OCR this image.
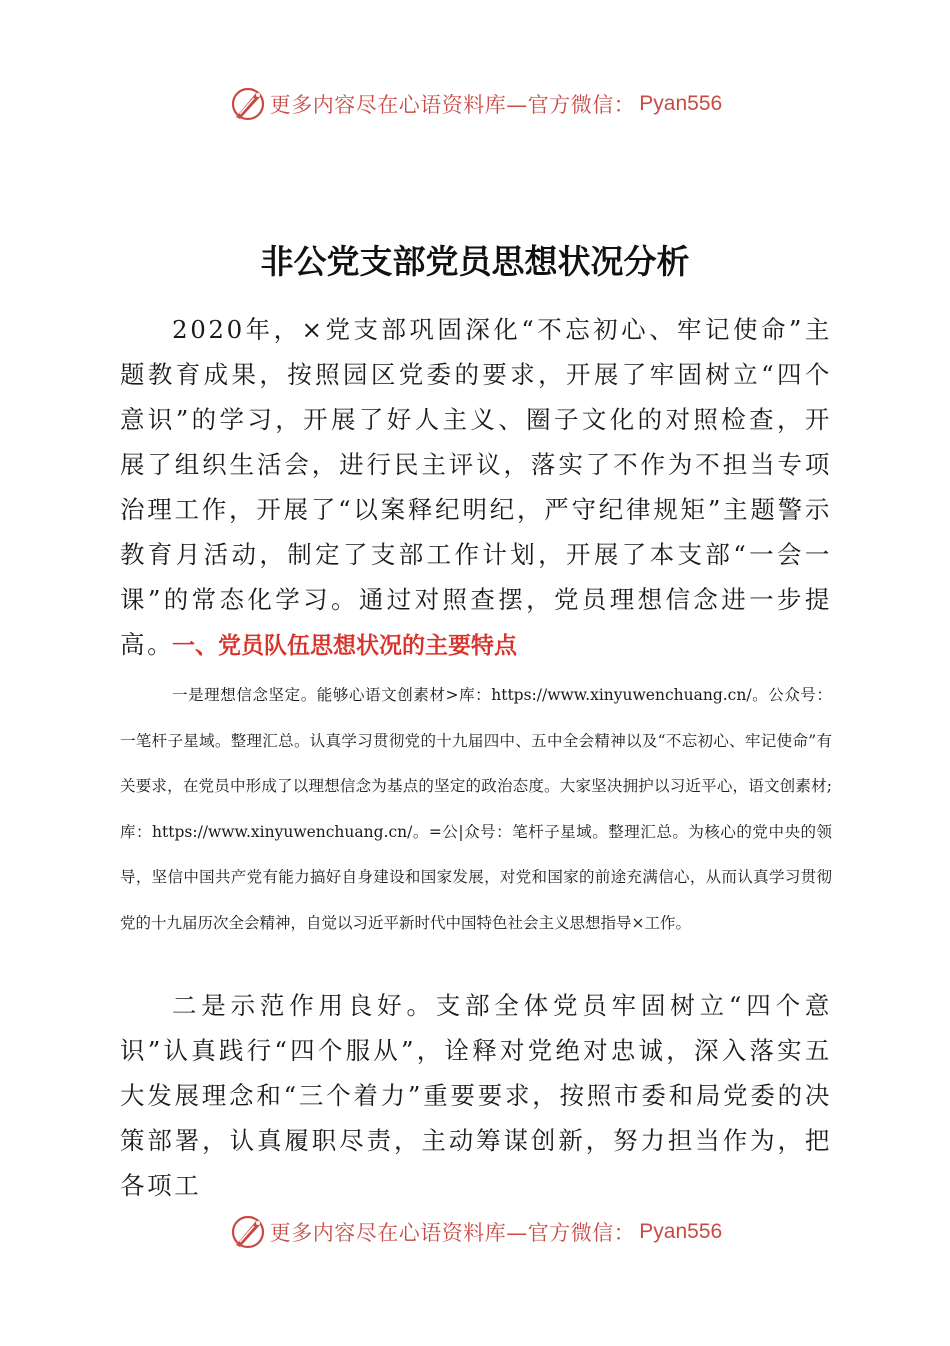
更多内容尽在心语资料库—官方微信： Pyan556
非公党支部党员思想状况分析

2020年，×党支部巩固深化“不忘初心、牢记使命”主题教育成果，按照园区党委的要求，开展了牢固树立“四个意识”的学习，开展了好人主义、圈子文化的对照检查，开展了组织生活会，进行民主评议，落实了不作为不担当专项治理工作，开展了“以案释纪明纪，严守纪律规矩”主题警示教育月活动，制定了支部工作计划，开展了本支部“一会一课”的常态化学习。通过对照查摆，党员理想信念进一步提高。

一、党员队伍思想状况的主要特点

一是理想信念坚定。能够心语文创素材>库：https://www.xinyuwenchuang.cn/。公众号：一笔杆子星域。整理汇总。认真学习贯彻党的十九届四中、五中全会精神以及“不忘初心、牢记使命”有关要求，在党员中形成了以理想信念为基点的坚定的政治态度。大家坚决拥护以习近平心，语文创素材;库：https://www.xinyuwenchuang.cn/。=公|众号：笔杆子星域。整理汇总。为核心的党中央的领导，坚信中国共产党有能力搞好自身建设和国家发展，对党和国家的前途充满信心，从而认真学习贯彻党的十九届历次全会精神，自觉以习近平新时代中国特色社会主义思想指导×工作。

二是示范作用良好。支部全体党员牢固树立“四个意识”认真践行“四个服从”，诠释对党绝对忠诚，深入落实五大发展理念和“三个着力”重要要求，按照市委和局党委的决策部署，认真履职尽责，主动筹谋创新，努力担当作为，把各项工

更多内容尽在心语资料库—官方微信： Pyan556
